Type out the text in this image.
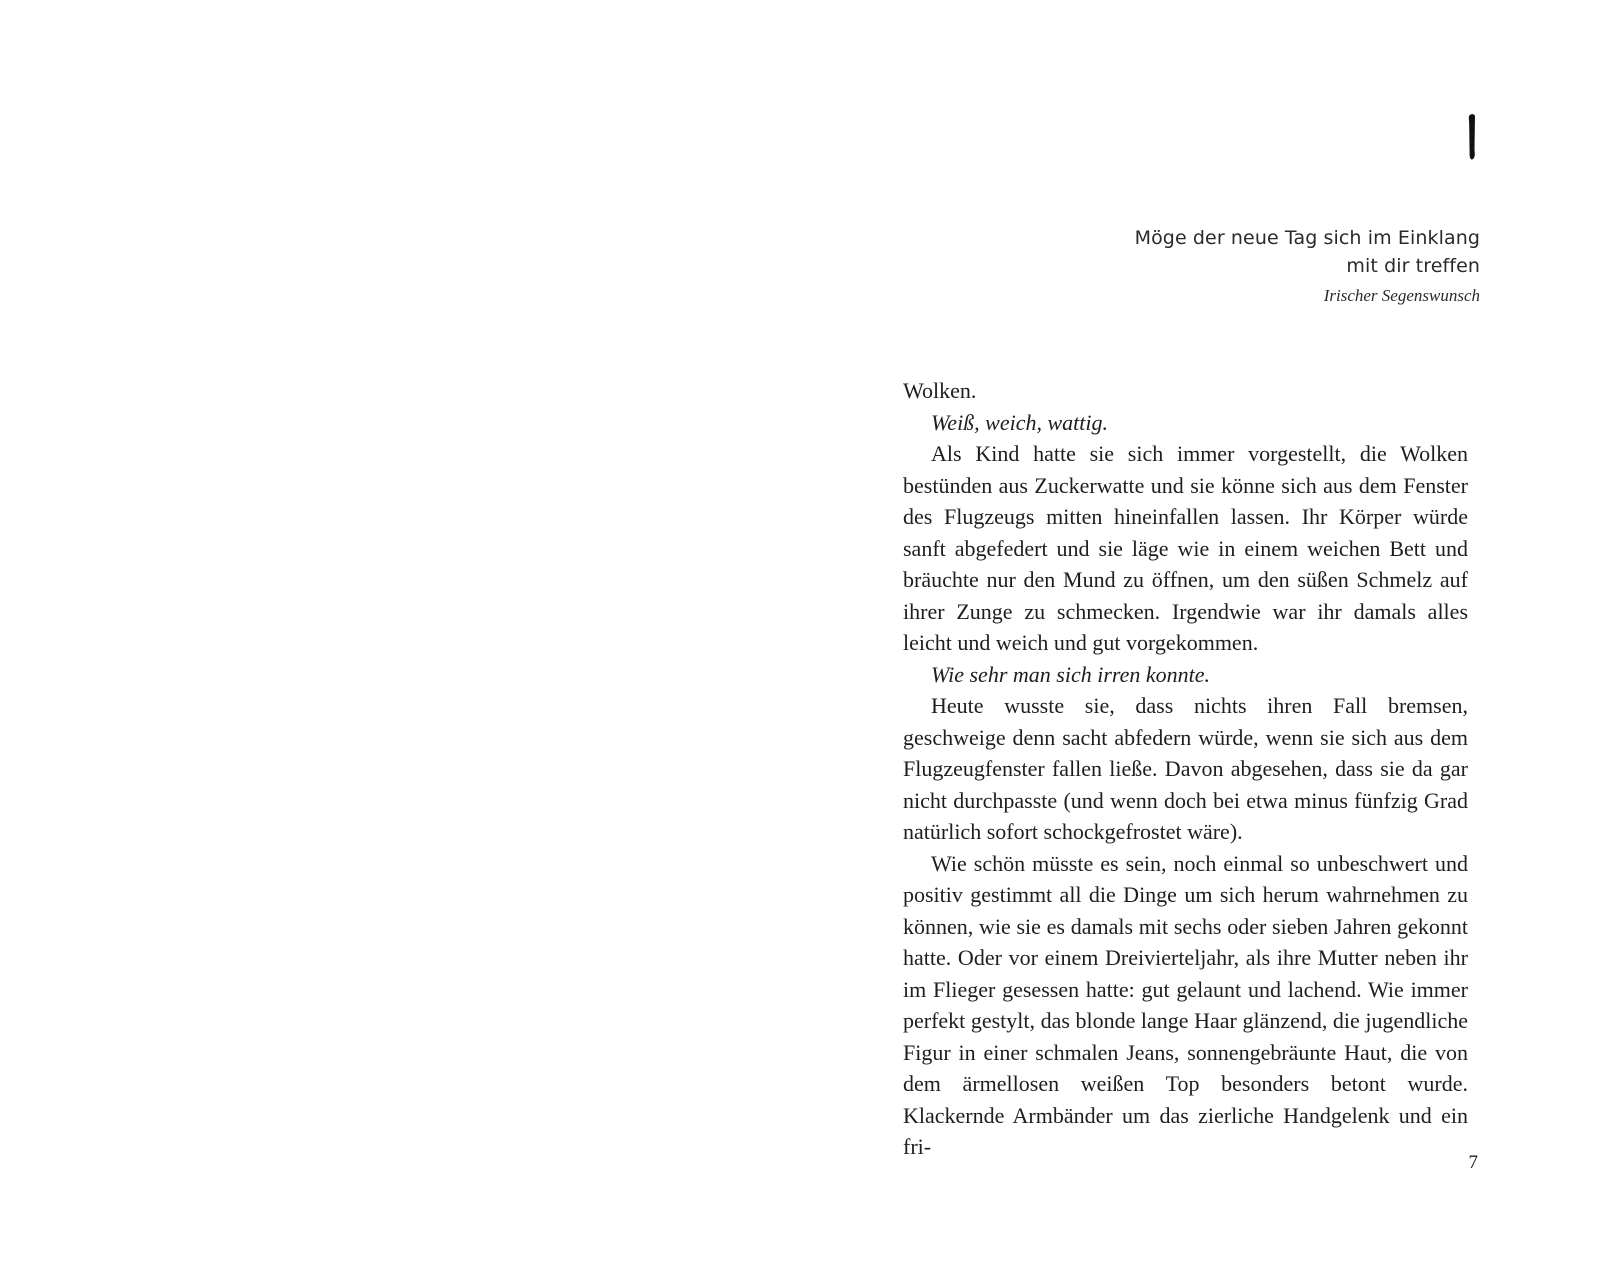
Möge der neue Tag sich im Einklang mit dir treffen
Irischer Segenswunsch

Wolken.

Weiß, weich, wattig.

Als Kind hatte sie sich immer vorgestellt, die Wolken bestünden aus Zuckerwatte und sie könne sich aus dem Fenster des Flugzeugs mitten hineinfallen lassen. Ihr Körper würde sanft abgefedert und sie läge wie in einem weichen Bett und bräuchte nur den Mund zu öffnen, um den süßen Schmelz auf ihrer Zunge zu schmecken. Irgendwie war ihr damals alles leicht und weich und gut vorgekommen.

Wie sehr man sich irren konnte.

Heute wusste sie, dass nichts ihren Fall bremsen, geschweige denn sacht abfedern würde, wenn sie sich aus dem Flugzeugfenster fallen ließe. Davon abgesehen, dass sie da gar nicht durchpasste (und wenn doch bei etwa minus fünfzig Grad natürlich sofort schockgefrostet wäre).

Wie schön müsste es sein, noch einmal so unbeschwert und positiv gestimmt all die Dinge um sich herum wahrnehmen zu können, wie sie es damals mit sechs oder sieben Jahren gekonnt hatte. Oder vor einem Dreivierteljahr, als ihre Mutter neben ihr im Flieger gesessen hatte: gut gelaunt und lachend. Wie immer perfekt gestylt, das blonde lange Haar glänzend, die jugendliche Figur in einer schmalen Jeans, sonnengebräunte Haut, die von dem ärmellosen weißen Top besonders betont wurde. Klackernde Armbänder um das zierliche Handgelenk und ein fri-

7
